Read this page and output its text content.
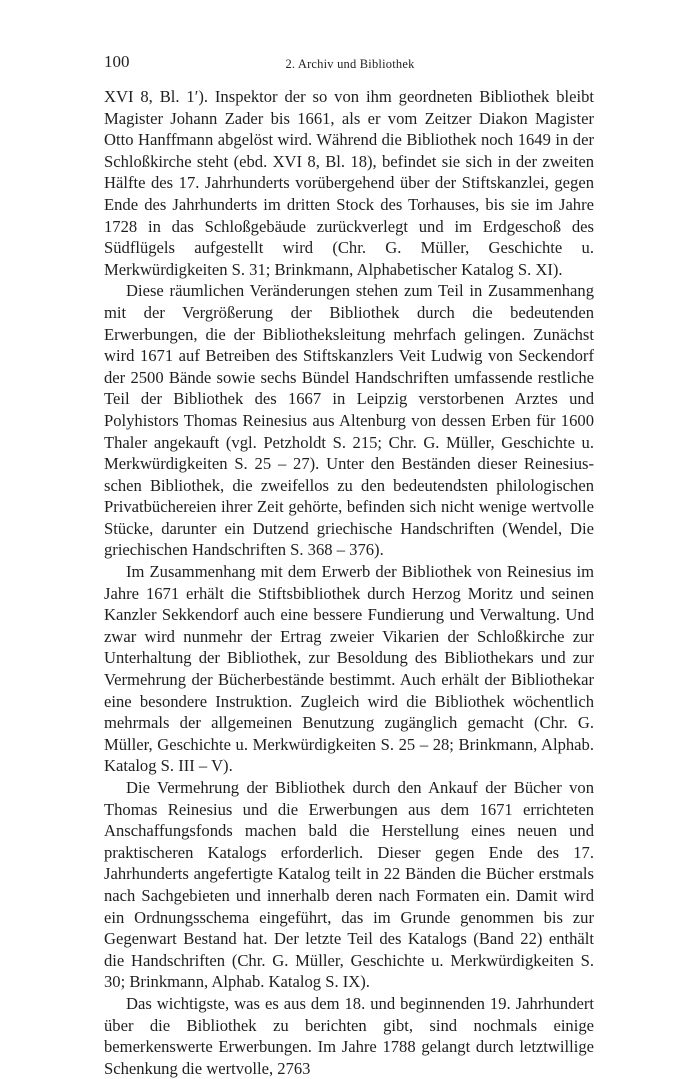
100	2. Archiv und Bibliothek

XVI 8, Bl. 1′). Inspektor der so von ihm geordneten Bibliothek bleibt Magister Johann Zader bis 1661, als er vom Zeitzer Diakon Magister Otto Hanffmann abgelöst wird. Während die Bibliothek noch 1649 in der Schloßkirche steht (ebd. XVI 8, Bl. 18), befindet sie sich in der zweiten Hälfte des 17. Jahrhunderts vorübergehend über der Stiftskanzlei, gegen Ende des Jahrhunderts im dritten Stock des Torhauses, bis sie im Jahre 1728 in das Schloßgebäude zurückverlegt und im Erdgeschoß des Südflügels aufgestellt wird (Chr. G. Müller, Geschichte u. Merkwürdigkeiten S. 31; Brinkmann, Alphabetischer Katalog S. XI).

Diese räumlichen Veränderungen stehen zum Teil in Zusammenhang mit der Vergrößerung der Bibliothek durch die bedeutenden Erwerbungen, die der Bibliotheksleitung mehrfach gelingen. Zunächst wird 1671 auf Betreiben des Stiftskanzlers Veit Ludwig von Seckendorf der 2500 Bände sowie sechs Bündel Handschriften umfassende restliche Teil der Bibliothek des 1667 in Leipzig verstorbenen Arztes und Polyhistors Thomas Reinesius aus Altenburg von dessen Erben für 1600 Thaler angekauft (vgl. Petzholdt S. 215; Chr. G. Müller, Geschichte u. Merkwürdigkeiten S. 25 – 27). Unter den Beständen dieser Reinesiusschen Bibliothek, die zweifellos zu den bedeutendsten philologischen Privatbüchereien ihrer Zeit gehörte, befinden sich nicht wenige wertvolle Stücke, darunter ein Dutzend griechische Handschriften (Wendel, Die griechischen Handschriften S. 368 – 376).

Im Zusammenhang mit dem Erwerb der Bibliothek von Reinesius im Jahre 1671 erhält die Stiftsbibliothek durch Herzog Moritz und seinen Kanzler Sekkendorf auch eine bessere Fundierung und Verwaltung. Und zwar wird nunmehr der Ertrag zweier Vikarien der Schloßkirche zur Unterhaltung der Bibliothek, zur Besoldung des Bibliothekars und zur Vermehrung der Bücherbestände bestimmt. Auch erhält der Bibliothekar eine besondere Instruktion. Zugleich wird die Bibliothek wöchentlich mehrmals der allgemeinen Benutzung zugänglich gemacht (Chr. G. Müller, Geschichte u. Merkwürdigkeiten S. 25 – 28; Brinkmann, Alphab. Katalog S. III – V).

Die Vermehrung der Bibliothek durch den Ankauf der Bücher von Thomas Reinesius und die Erwerbungen aus dem 1671 errichteten Anschaffungsfonds machen bald die Herstellung eines neuen und praktischeren Katalogs erforderlich. Dieser gegen Ende des 17. Jahrhunderts angefertigte Katalog teilt in 22 Bänden die Bücher erstmals nach Sachgebieten und innerhalb deren nach Formaten ein. Damit wird ein Ordnungsschema eingeführt, das im Grunde genommen bis zur Gegenwart Bestand hat. Der letzte Teil des Katalogs (Band 22) enthält die Handschriften (Chr. G. Müller, Geschichte u. Merkwürdigkeiten S. 30; Brinkmann, Alphab. Katalog S. IX).

Das wichtigste, was es aus dem 18. und beginnenden 19. Jahrhundert über die Bibliothek zu berichten gibt, sind nochmals einige bemerkenswerte Erwerbungen. Im Jahre 1788 gelangt durch letztwillige Schenkung die wertvolle, 2763
